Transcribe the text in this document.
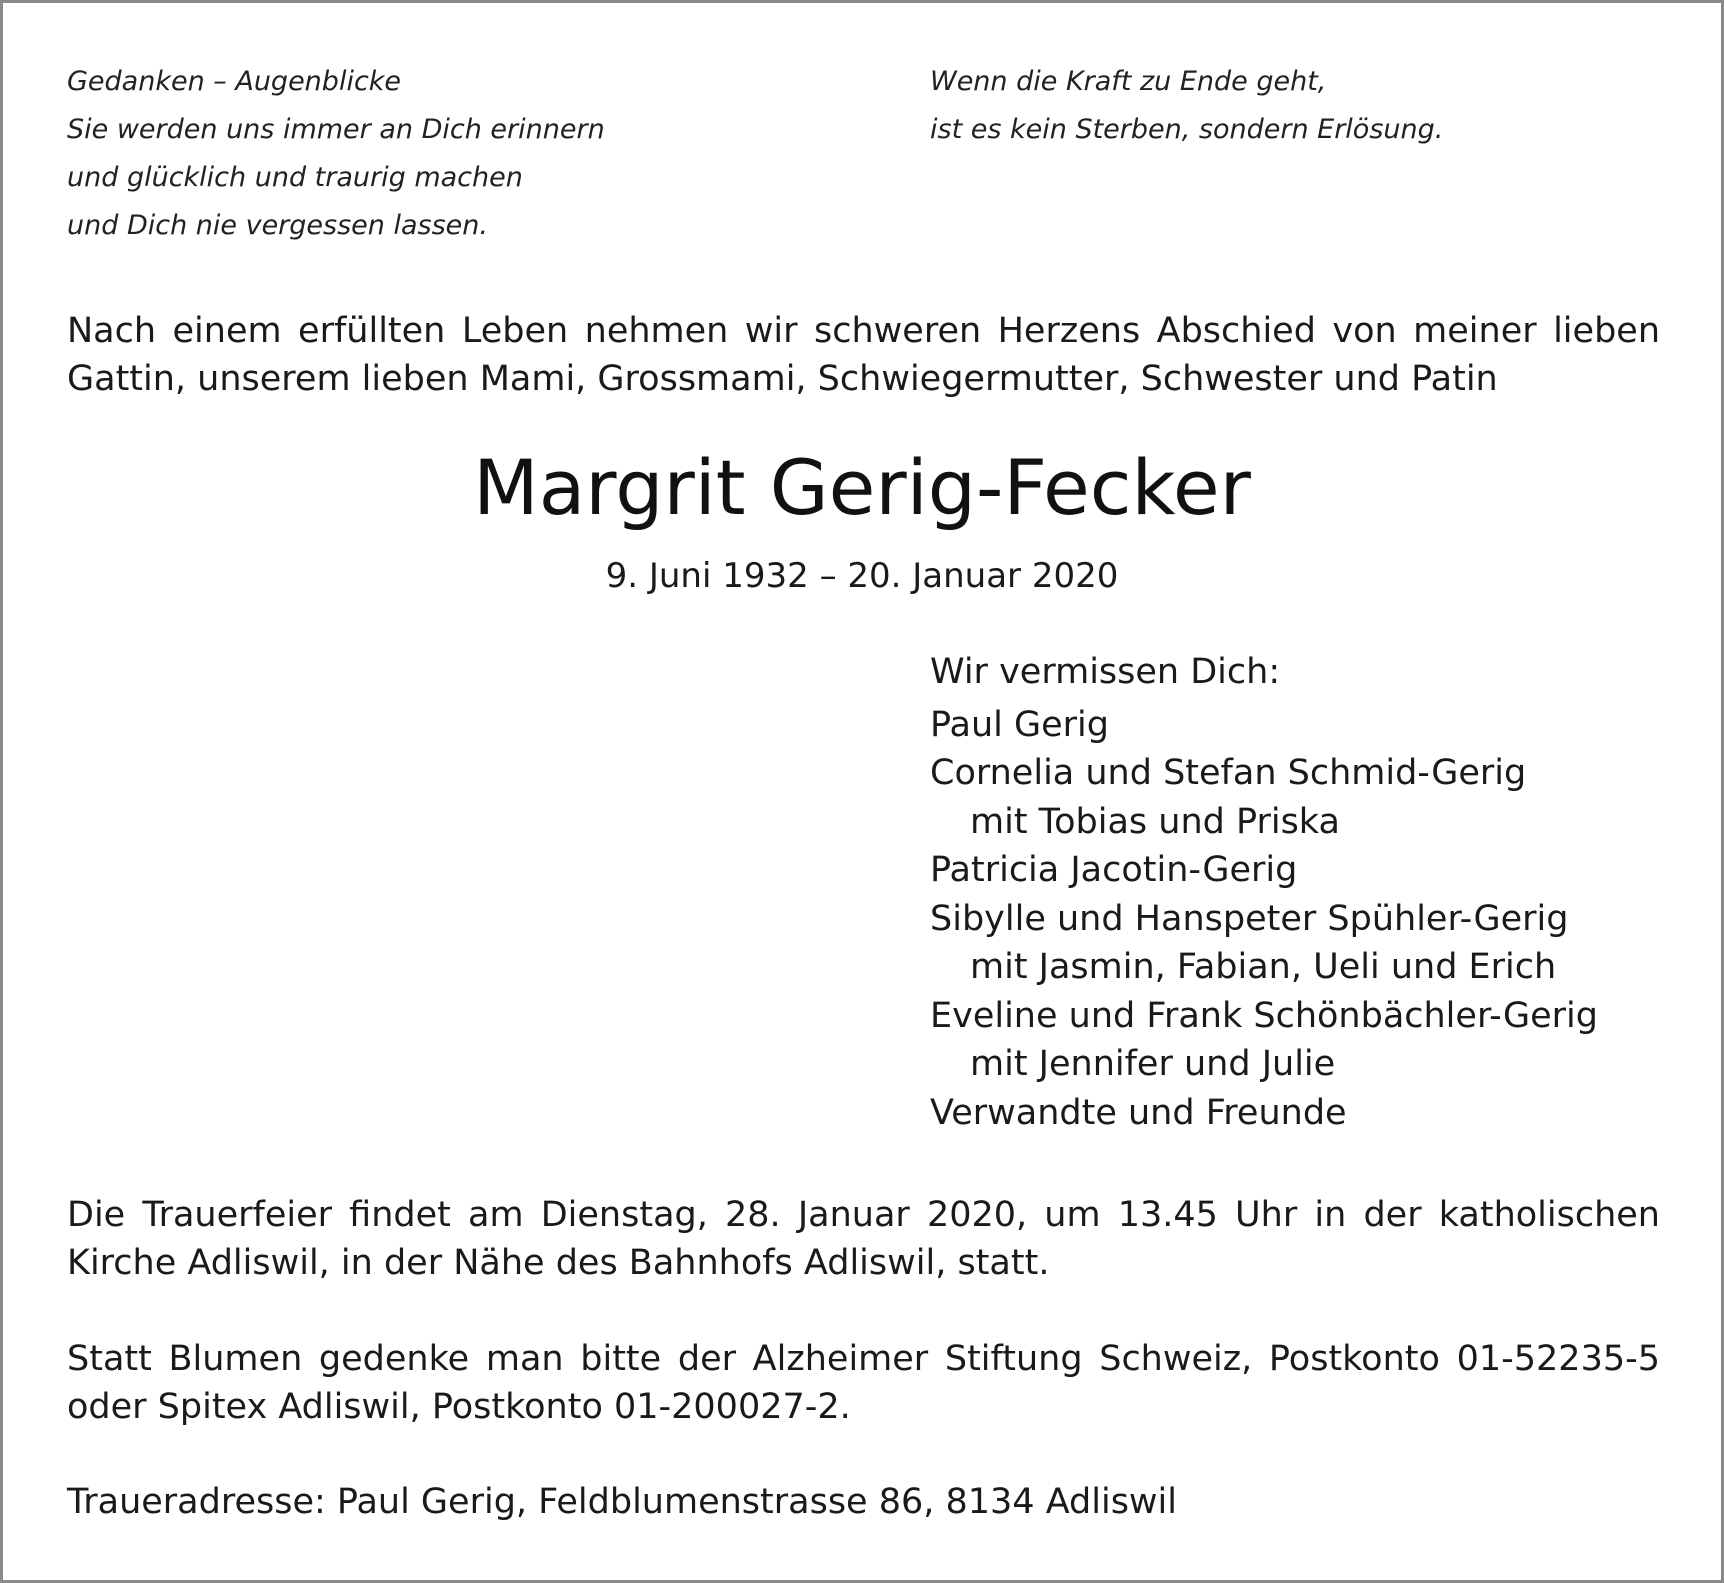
Gedanken – Augenblicke
Sie werden uns immer an Dich erinnern
und glücklich und traurig machen
und Dich nie vergessen lassen.
Wenn die Kraft zu Ende geht,
ist es kein Sterben, sondern Erlösung.
Nach einem erfüllten Leben nehmen wir schweren Herzens Abschied von meiner lieben
Gattin, unserem lieben Mami, Grossmami, Schwiegermutter, Schwester und Patin
Margrit Gerig-Fecker
9. Juni 1932 – 20. Januar 2020
Wir vermissen Dich:
Paul Gerig
Cornelia und Stefan Schmid-Gerig
mit Tobias und Priska
Patricia Jacotin-Gerig
Sibylle und Hanspeter Spühler-Gerig
mit Jasmin, Fabian, Ueli und Erich
Eveline und Frank Schönbächler-Gerig
mit Jennifer und Julie
Verwandte und Freunde
Die Trauerfeier findet am Dienstag, 28. Januar 2020, um 13.45 Uhr in der katholischen
Kirche Adliswil, in der Nähe des Bahnhofs Adliswil, statt.
Statt Blumen gedenke man bitte der Alzheimer Stiftung Schweiz, Postkonto 01-52235-5
oder Spitex Adliswil, Postkonto 01-200027-2.
Traueradresse: Paul Gerig, Feldblumenstrasse 86, 8134 Adliswil
